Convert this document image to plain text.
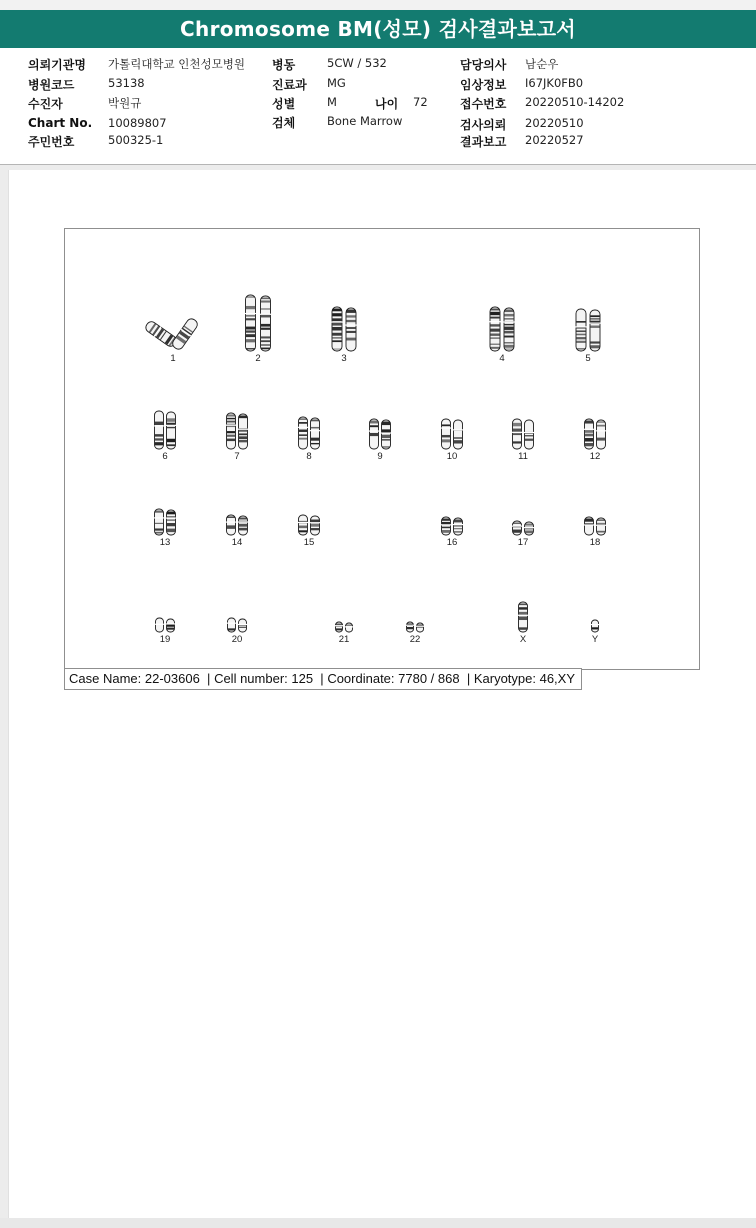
Chromosome BM(성모) 검사결과보고서
의뢰기관명 가톨릭대학교 인천성모병원
병원코드	53138
수진자	박원규
Chart No. 10089807
주민번호	500325-1
병동	5CW / 532
진료과 MG
성별	M	나이 72
검체	Bone Marrow
담당의사 남순우
임상정보 I67JK0FB0
접수번호 20220510-14202
검사의뢰 20220510
결과보고 20220527
1	2	3	4	5
6	7	8	9	10	11	12
13	14	15	16	17	18
19	20	21	22	X	Y
Case Name: 22-03606 | Cell number: 125 | Coordinate: 7780 / 868 | Karyotype: 46,XY
